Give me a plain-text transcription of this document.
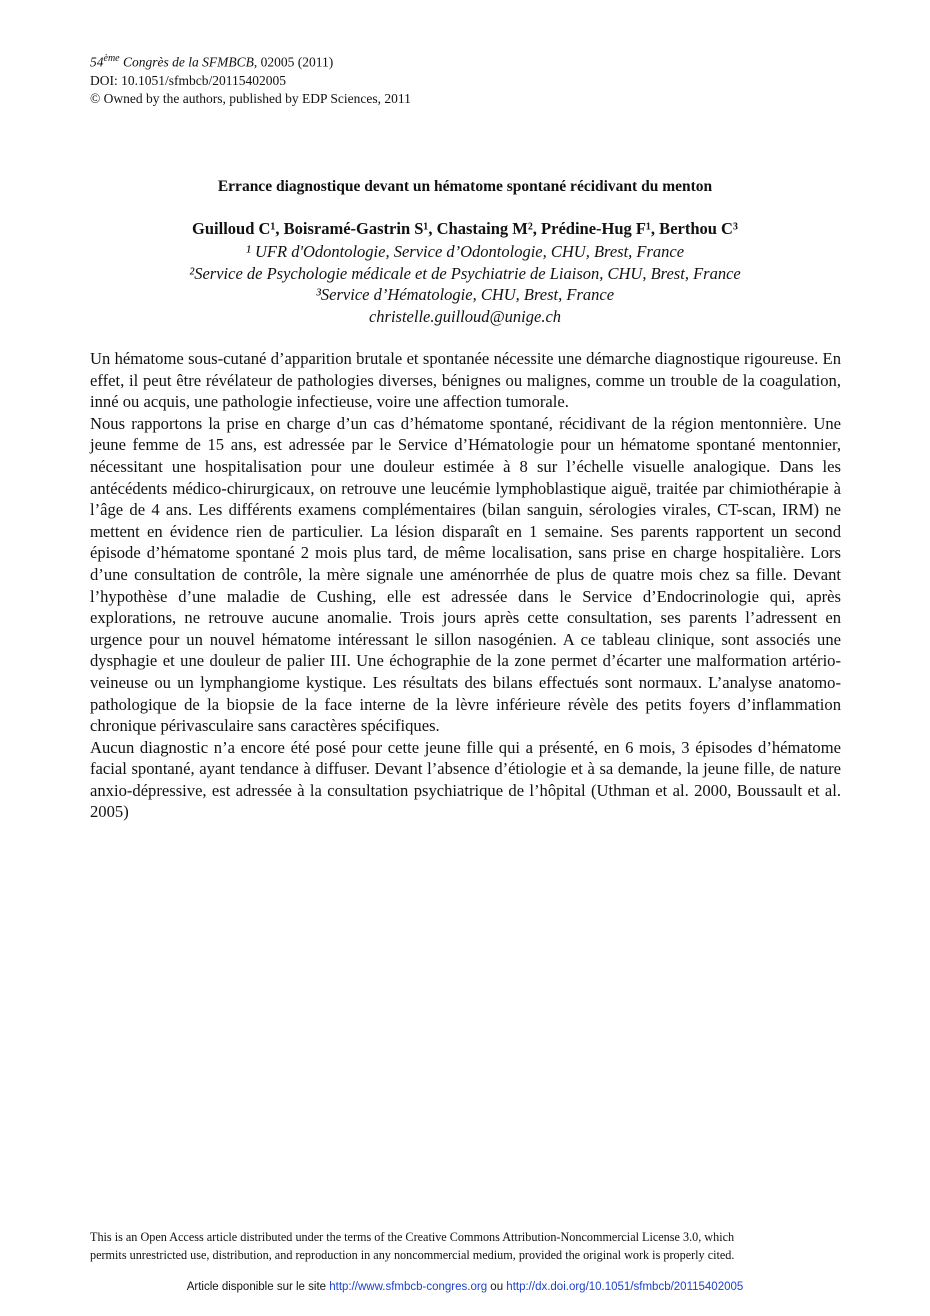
54ème Congrès de la SFMBCB, 02005 (2011)
DOI: 10.1051/sfmbcb/20115402005
© Owned by the authors, published by EDP Sciences, 2011
Errance diagnostique devant un hématome spontané récidivant du menton
Guilloud C¹, Boisramé-Gastrin S¹, Chastaing M², Prédine-Hug F¹, Berthou C³
¹ UFR d'Odontologie, Service d’Odontologie, CHU, Brest, France
²Service de Psychologie médicale et de Psychiatrie de Liaison, CHU, Brest, France
³Service d’Hématologie, CHU, Brest, France
christelle.guilloud@unige.ch

Un hématome sous-cutané d’apparition brutale et spontanée nécessite une démarche diagnostique rigoureuse. En effet, il peut être révélateur de pathologies diverses, bénignes ou malignes, comme un trouble de la coagulation, inné ou acquis, une pathologie infectieuse, voire une affection tumorale.

Nous rapportons la prise en charge d’un cas d’hématome spontané, récidivant de la région mentonnière. Une jeune femme de 15 ans, est adressée par le Service d’Hématologie pour un hématome spontané mentonnier, nécessitant une hospitalisation pour une douleur estimée à 8 sur l’échelle visuelle analogique. Dans les antécédents médico-chirurgicaux, on retrouve une leucémie lymphoblastique aiguë, traitée par chimiothérapie à l’âge de 4 ans. Les différents examens complémentaires (bilan sanguin, sérologies virales, CT-scan, IRM) ne mettent en évidence rien de particulier. La lésion disparaît en 1 semaine. Ses parents rapportent un second épisode d’hématome spontané 2 mois plus tard, de même localisation, sans prise en charge hospitalière. Lors d’une consultation de contrôle, la mère signale une aménorrhée de plus de quatre mois chez sa fille. Devant l’hypothèse d’une maladie de Cushing, elle est adressée dans le Service d’Endocrinologie qui, après explorations, ne retrouve aucune anomalie. Trois jours après cette consultation, ses parents l’adressent en urgence pour un nouvel hématome intéressant le sillon nasogénien. A ce tableau clinique, sont associés une dysphagie et une douleur de palier III. Une échographie de la zone permet d’écarter une malformation artério-veineuse ou un lymphangiome kystique. Les résultats des bilans effectués sont normaux. L’analyse anatomo-pathologique de la biopsie de la face interne de la lèvre inférieure révèle des petits foyers d’inflammation chronique périvasculaire sans caractères spécifiques.

Aucun diagnostic n’a encore été posé pour cette jeune fille qui a présenté, en 6 mois, 3 épisodes d’hématome facial spontané, ayant tendance à diffuser. Devant l’absence d’étiologie et à sa demande, la jeune fille, de nature anxio-dépressive, est adressée à la consultation psychiatrique de l’hôpital (Uthman et al. 2000, Boussault et al. 2005)

This is an Open Access article distributed under the terms of the Creative Commons Attribution-Noncommercial License 3.0, which
permits unrestricted use, distribution, and reproduction in any noncommercial medium, provided the original work is properly cited.
Article disponible sur le site http://www.sfmbcb-congres.org ou http://dx.doi.org/10.1051/sfmbcb/20115402005
